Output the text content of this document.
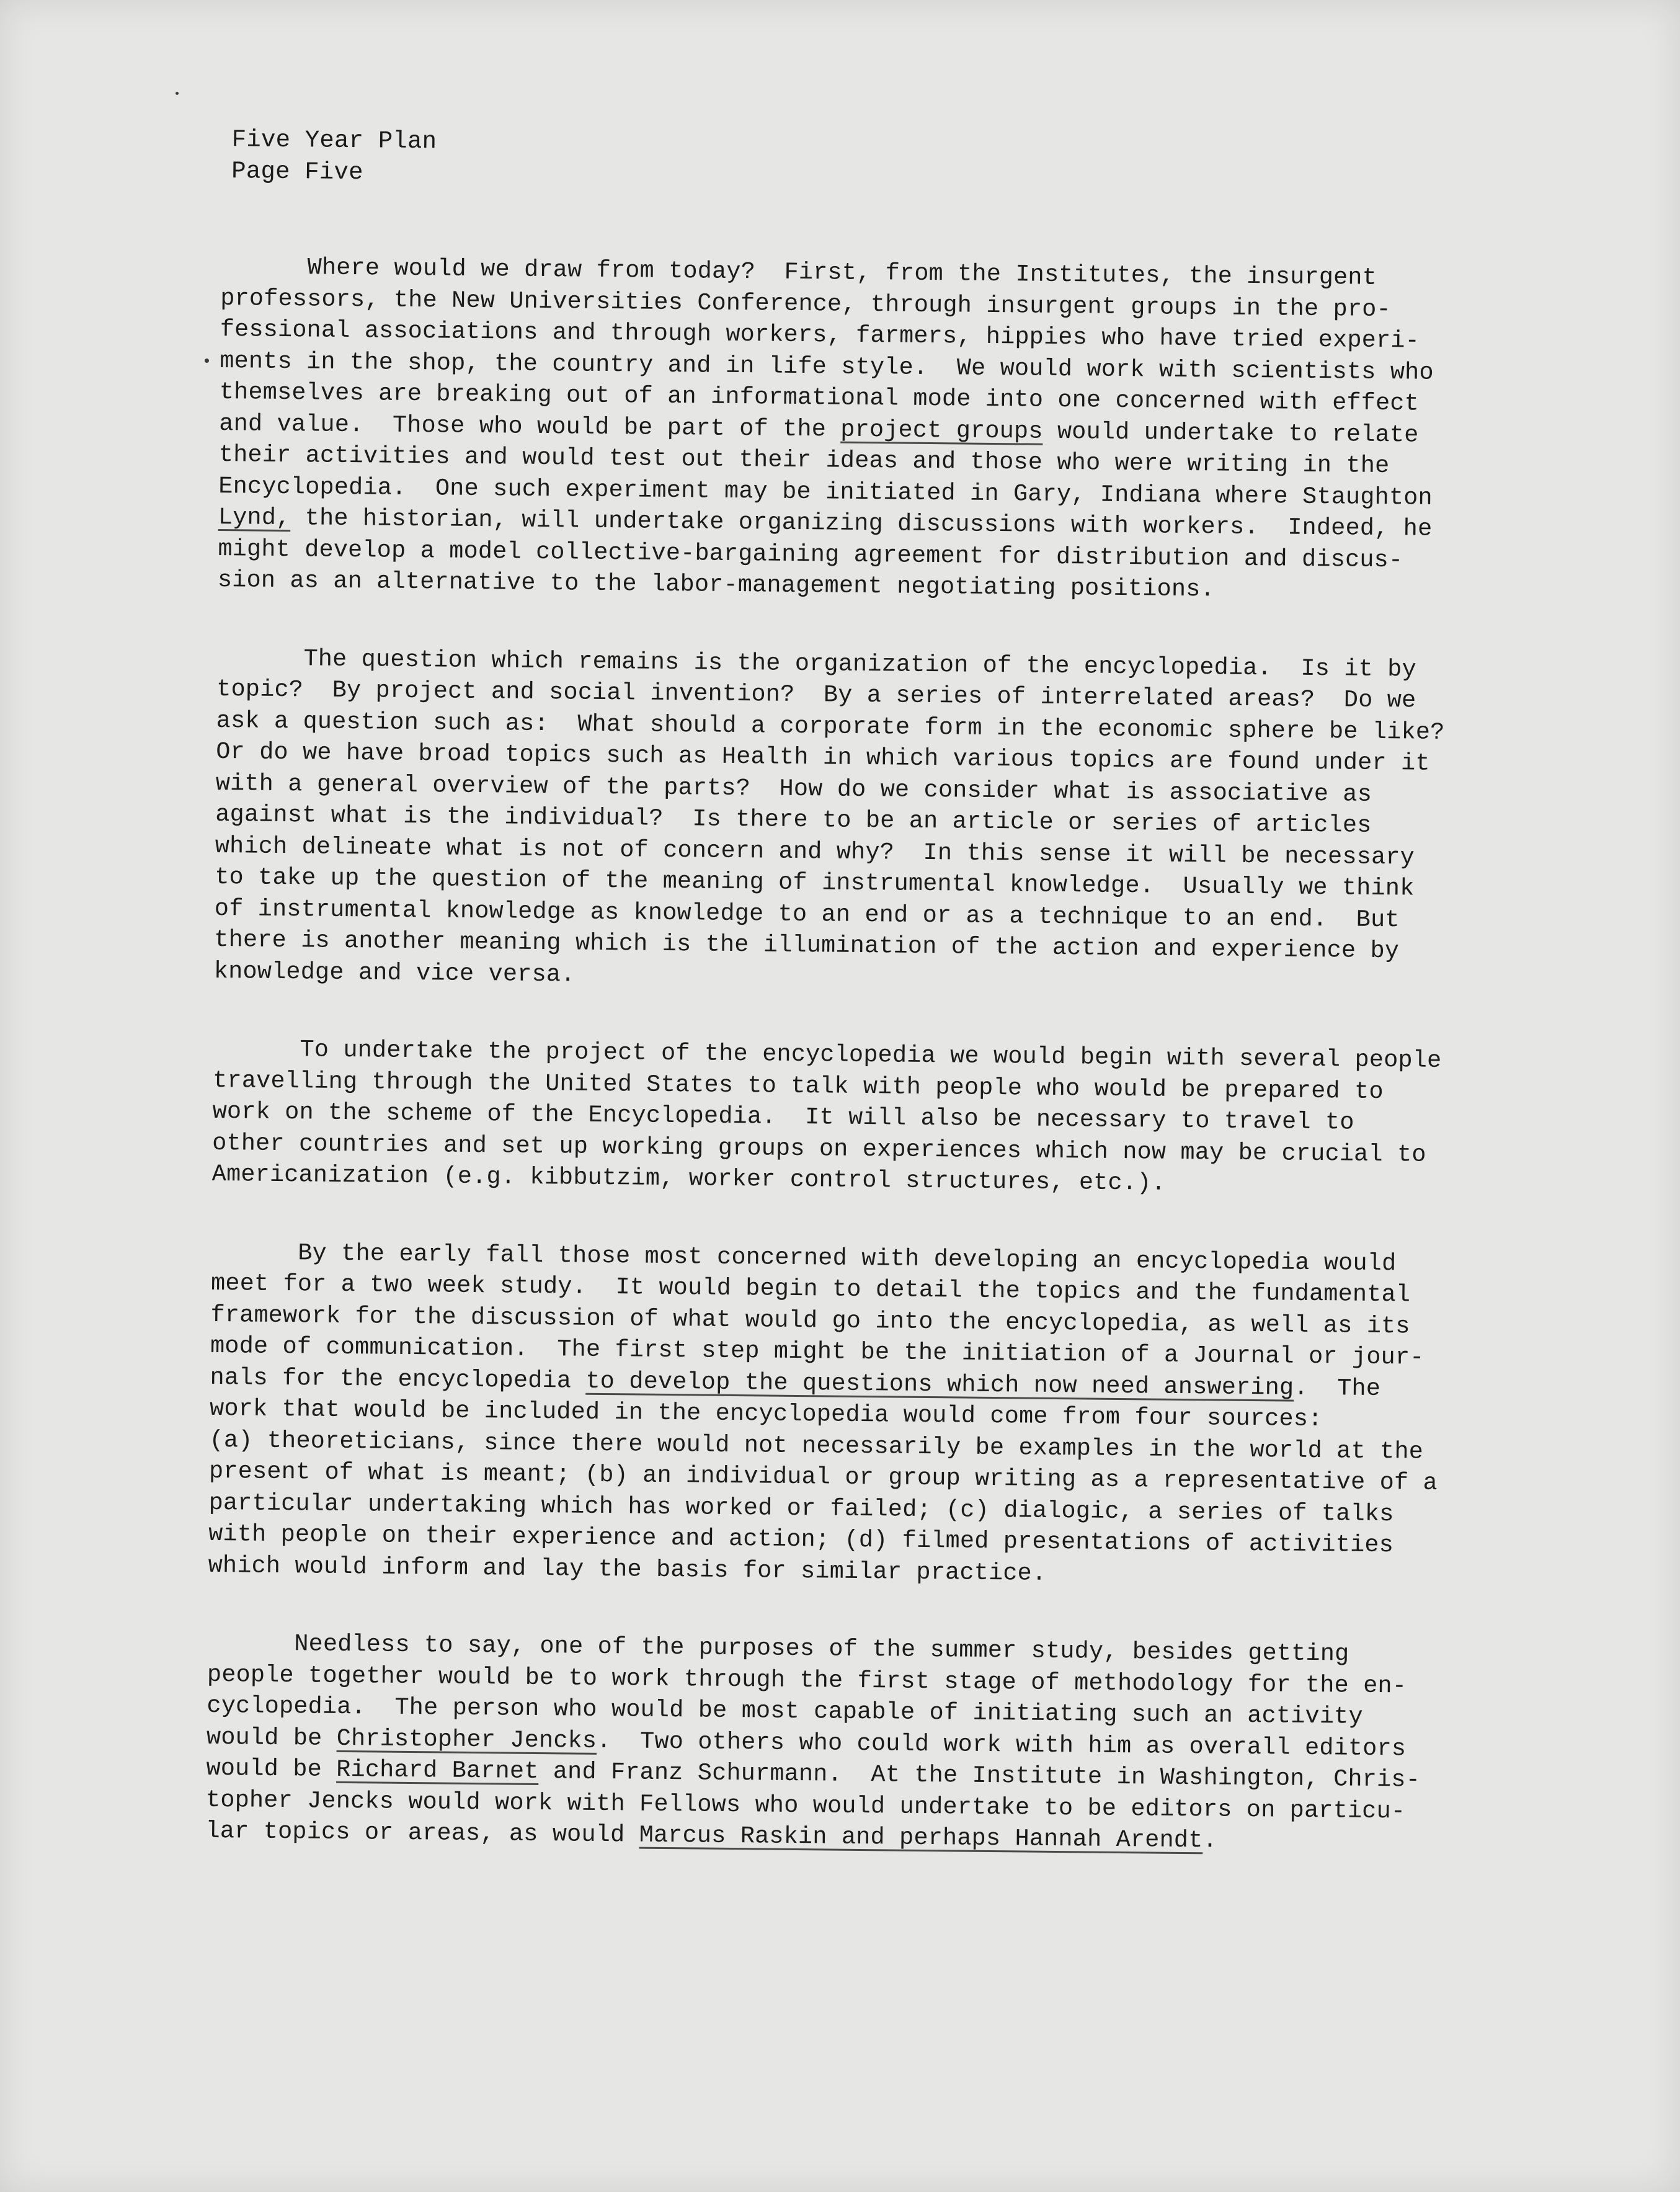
Five Year Plan
Page Five
Where would we draw from today?  First, from the Institutes, the insurgent
professors, the New Universities Conference, through insurgent groups in the pro-
fessional associations and through workers, farmers, hippies who have tried experi-
ments in the shop, the country and in life style.  We would work with scientists who
themselves are breaking out of an informational mode into one concerned with effect
and value.  Those who would be part of the project groups would undertake to relate
their activities and would test out their ideas and those who were writing in the
Encyclopedia.  One such experiment may be initiated in Gary, Indiana where Staughton
Lynd, the historian, will undertake organizing discussions with workers.  Indeed, he
might develop a model collective-bargaining agreement for distribution and discus-
sion as an alternative to the labor-management negotiating positions.
The question which remains is the organization of the encyclopedia.  Is it by
topic?  By project and social invention?  By a series of interrelated areas?  Do we
ask a question such as:  What should a corporate form in the economic sphere be like?
Or do we have broad topics such as Health in which various topics are found under it
with a general overview of the parts?  How do we consider what is associative as
against what is the individual?  Is there to be an article or series of articles
which delineate what is not of concern and why?  In this sense it will be necessary
to take up the question of the meaning of instrumental knowledge.  Usually we think
of instrumental knowledge as knowledge to an end or as a technique to an end.  But
there is another meaning which is the illumination of the action and experience by
knowledge and vice versa.
To undertake the project of the encyclopedia we would begin with several people
travelling through the United States to talk with people who would be prepared to
work on the scheme of the Encyclopedia.  It will also be necessary to travel to
other countries and set up working groups on experiences which now may be crucial to
Americanization (e.g. kibbutzim, worker control structures, etc.).
By the early fall those most concerned with developing an encyclopedia would
meet for a two week study.  It would begin to detail the topics and the fundamental
framework for the discussion of what would go into the encyclopedia, as well as its
mode of communication.  The first step might be the initiation of a Journal or jour-
nals for the encyclopedia to develop the questions which now need answering.  The
work that would be included in the encyclopedia would come from four sources:
(a) theoreticians, since there would not necessarily be examples in the world at the
present of what is meant; (b) an individual or group writing as a representative of a
particular undertaking which has worked or failed; (c) dialogic, a series of talks
with people on their experience and action; (d) filmed presentations of activities
which would inform and lay the basis for similar practice.
Needless to say, one of the purposes of the summer study, besides getting
people together would be to work through the first stage of methodology for the en-
cyclopedia.  The person who would be most capable of initiating such an activity
would be Christopher Jencks.  Two others who could work with him as overall editors
would be Richard Barnet and Franz Schurmann.  At the Institute in Washington, Chris-
topher Jencks would work with Fellows who would undertake to be editors on particu-
lar topics or areas, as would Marcus Raskin and perhaps Hannah Arendt.
